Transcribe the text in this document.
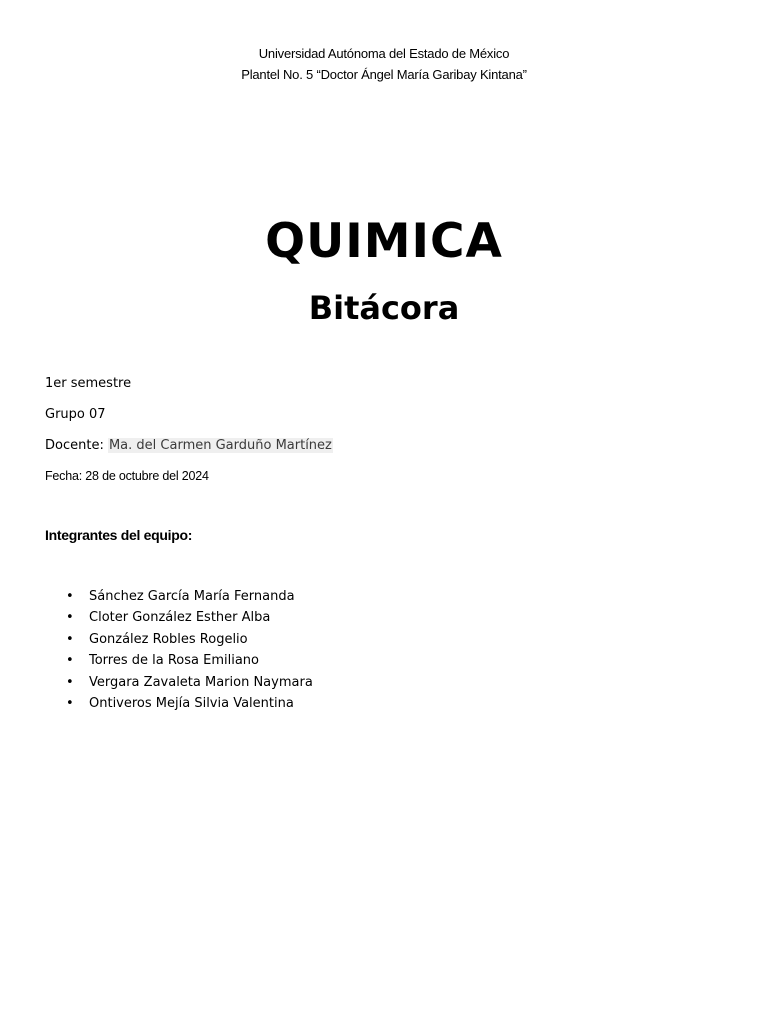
Universidad Autónoma del Estado de México
Plantel No. 5 “Doctor Ángel María Garibay Kintana”
QUIMICA
Bitácora
1er semestre
Grupo 07
Docente: Ma. del Carmen Garduño Martínez
Fecha: 28 de octubre del 2024
Integrantes del equipo:
• Sánchez García María Fernanda
• Cloter González Esther Alba
• González Robles Rogelio
• Torres de la Rosa Emiliano
• Vergara Zavaleta Marion Naymara
• Ontiveros Mejía Silvia Valentina
